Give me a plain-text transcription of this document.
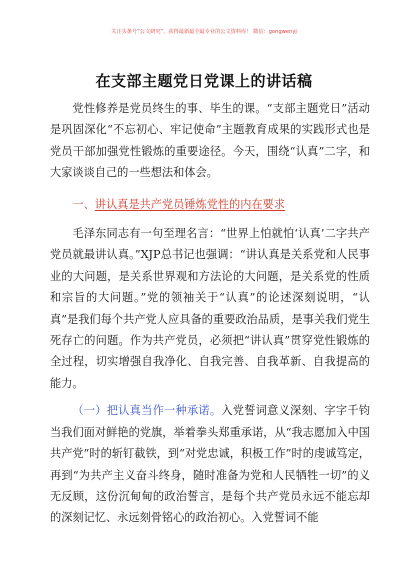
关注头条号“公文研究”，获得最新最全最专业的公文资料库！ 微信：gongwenyj
在支部主题党日党课上的讲话稿

党性修养是党员终生的事、毕生的课。“支部主题党日”活动是巩固深化“不忘初心、牢记使命”主题教育成果的实践形式也是党员干部加强党性锻炼的重要途径。今天，围绕“认真”二字，和大家谈谈自己的一些想法和体会。

一、讲认真是共产党员锤炼党性的内在要求

毛泽东同志有一句至理名言：“世界上怕就怕‘认真’二字共产党员就最讲认真。”XJP总书记也强调：“讲认真是关系党和人民事业的大问题，是关系世界观和方法论的大问题，是关系党的性质和宗旨的大问题。”党的领袖关于“认真”的论述深刻说明，“认真”是我们每个共产党人应具备的重要政治品质，是事关我们党生死存亡的问题。作为共产党员，必须把“讲认真”贯穿党性锻炼的全过程，切实增强自我净化、自我完善、自我革新、自我提高的能力。

（一）把认真当作一种承诺。入党誓词意义深刻、字字千钧当我们面对鲜艳的党旗，举着拳头郑重承诺，从“我志愿加入中国共产党”时的斩钉截铁，到“对党忠诚，积极工作”时的虔诚笃定，再到“为共产主义奋斗终身，随时准备为党和人民牺牲一切”的义无反顾，这份沉甸甸的政治誓言，是每个共产党员永远不能忘却的深刻记忆、永远刻骨铭心的政治初心。入党誓词不能
